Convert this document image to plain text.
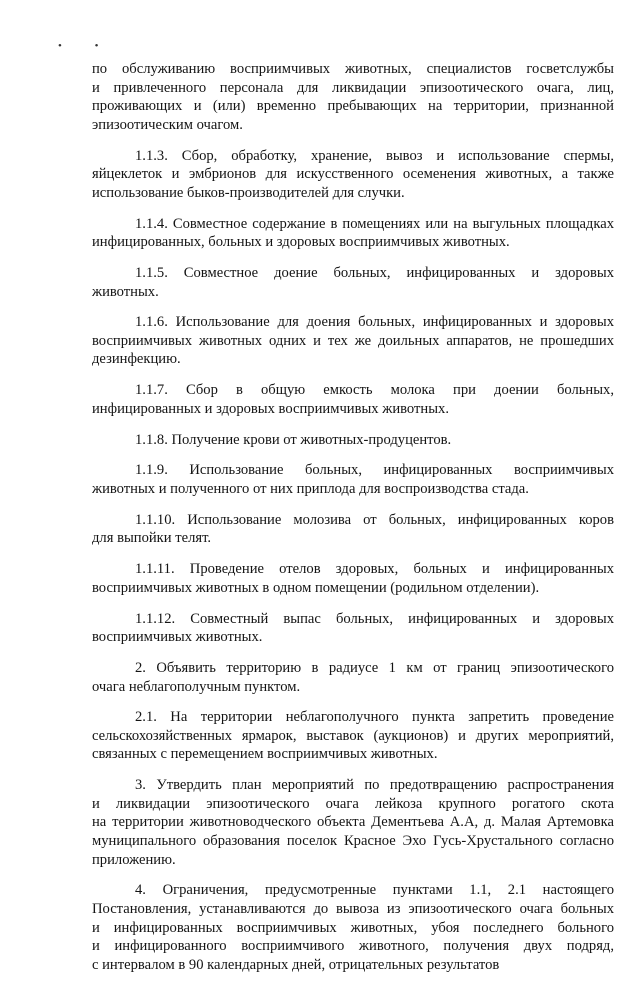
•	•
по обслуживанию восприимчивых животных, специалистов госветслужбы
и привлеченного персонала для ликвидации эпизоотического очага, лиц,
проживающих и (или) временно пребывающих на территории, признанной
эпизоотическим очагом.
1.1.3. Сбор, обработку, хранение, вывоз и использование спермы,
яйцеклеток и эмбрионов для искусственного осеменения животных, а также
использование быков-производителей для случки.
1.1.4. Совместное содержание в помещениях или на выгульных площадках
инфицированных, больных и здоровых восприимчивых животных.
1.1.5. Совместное доение больных, инфицированных и здоровых
животных.
1.1.6. Использование для доения больных, инфицированных и здоровых
восприимчивых животных одних и тех же доильных аппаратов, не прошедших
дезинфекцию.
1.1.7. Сбор в общую емкость молока при доении больных,
инфицированных и здоровых восприимчивых животных.
1.1.8. Получение крови от животных-продуцентов.
1.1.9. Использование больных, инфицированных восприимчивых
животных и полученного от них приплода для воспроизводства стада.
1.1.10. Использование молозива от больных, инфицированных коров
для выпойки телят.
1.1.11. Проведение отелов здоровых, больных и инфицированных
восприимчивых животных в одном помещении (родильном отделении).
1.1.12. Совместный выпас больных, инфицированных и здоровых
восприимчивых животных.
2. Объявить территорию в радиусе 1 км от границ эпизоотического
очага неблагополучным пунктом.
2.1. На территории неблагополучного пункта запретить проведение
сельскохозяйственных ярмарок, выставок (аукционов) и других мероприятий,
связанных с перемещением восприимчивых животных.
3. Утвердить план мероприятий по предотвращению распространения
и ликвидации эпизоотического очага лейкоза крупного рогатого скота
на территории животноводческого объекта Дементьева А.А, д. Малая Артемовка
муниципального образования поселок Красное Эхо Гусь-Хрустального согласно
приложению.
4. Ограничения, предусмотренные пунктами 1.1, 2.1 настоящего
Постановления, устанавливаются до вывоза из эпизоотического очага больных
и инфицированных восприимчивых животных, убоя последнего больного
и инфицированного восприимчивого животного, получения двух подряд,
с интервалом в 90 календарных дней, отрицательных результатов
